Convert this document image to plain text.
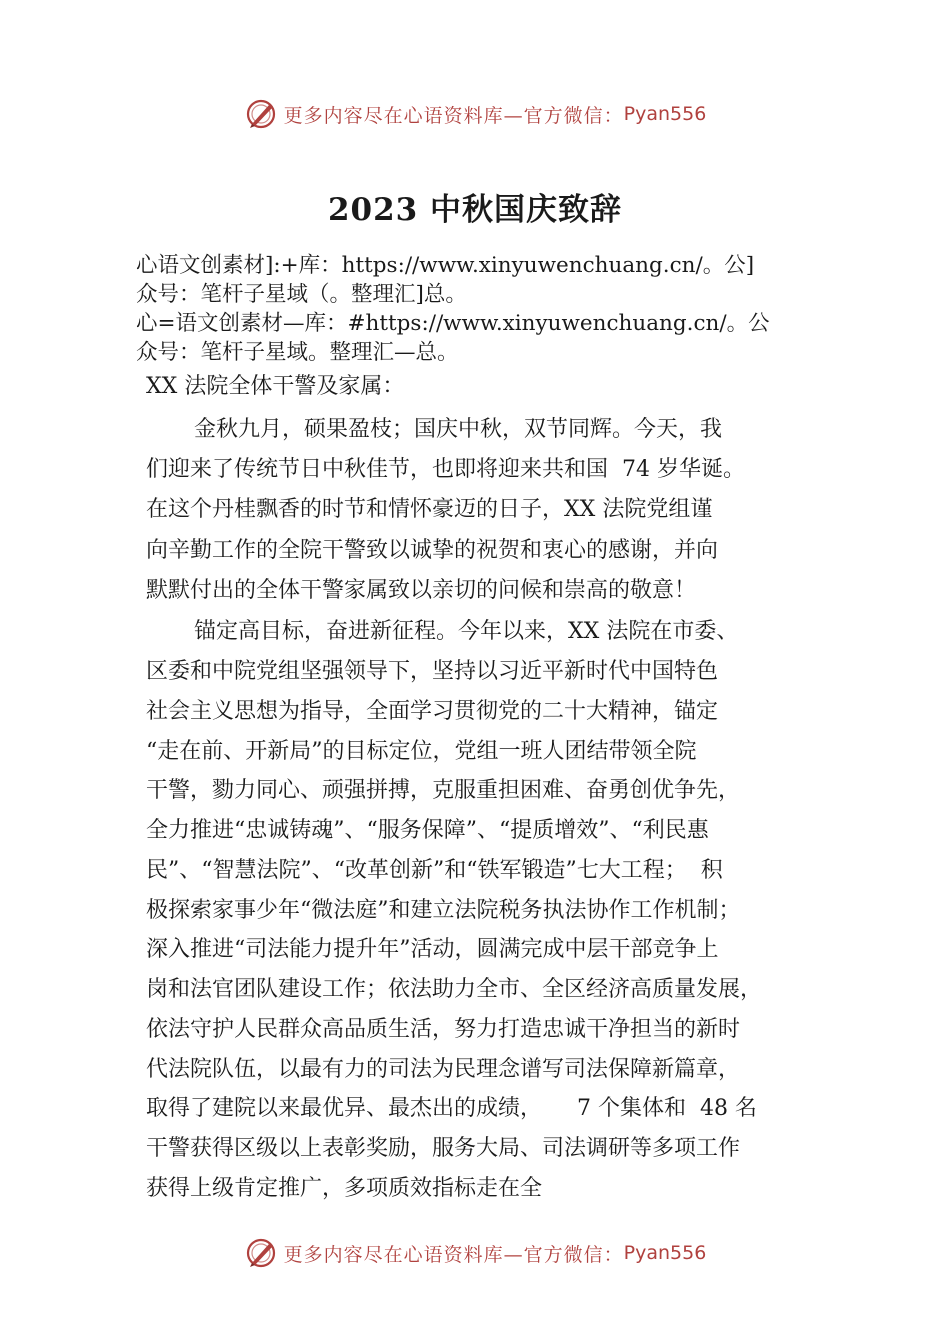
更多内容尽在心语资料库—官方微信： Pyan556
2023 中秋国庆致辞
心语文创素材]:+库：https://www.xinyuwenchuang.cn/。公]
众号：笔杆子星域（。整理汇]总。
心=语文创素材—库：#https://www.xinyuwenchuang.cn/。公
众号：笔杆子星域。整理汇—总。
XX 法院全体干警及家属：
金秋九月，硕果盈枝；国庆中秋，双节同辉。今天，我
们迎来了传统节日中秋佳节，也即将迎来共和国  74 岁华诞。
在这个丹桂飘香的时节和情怀豪迈的日子，XX 法院党组谨
向辛勤工作的全院干警致以诚挚的祝贺和衷心的感谢，并向
默默付出的全体干警家属致以亲切的问候和崇高的敬意！
锚定高目标，奋进新征程。今年以来，XX 法院在市委、
区委和中院党组坚强领导下，坚持以习近平新时代中国特色
社会主义思想为指导，全面学习贯彻党的二十大精神，锚定
“走在前、开新局”的目标定位，党组一班人团结带领全院
干警，勠力同心、顽强拼搏，克服重担困难、奋勇创优争先，
全力推进“忠诚铸魂”、“服务保障”、“提质增效”、“利民惠
民”、“智慧法院”、“改革创新”和“铁军锻造”七大工程；  积
极探索家事少年“微法庭”和建立法院税务执法协作工作机制；
深入推进“司法能力提升年”活动，圆满完成中层干部竞争上
岗和法官团队建设工作；依法助力全市、全区经济高质量发展，
依法守护人民群众高品质生活，努力打造忠诚干净担当的新时
代法院队伍，以最有力的司法为民理念谱写司法保障新篇章，
取得了建院以来最优异、最杰出的成绩，     7 个集体和  48 名
干警获得区级以上表彰奖励，服务大局、司法调研等多项工作
获得上级肯定推广，多项质效指标走在全
更多内容尽在心语资料库—官方微信： Pyan556
